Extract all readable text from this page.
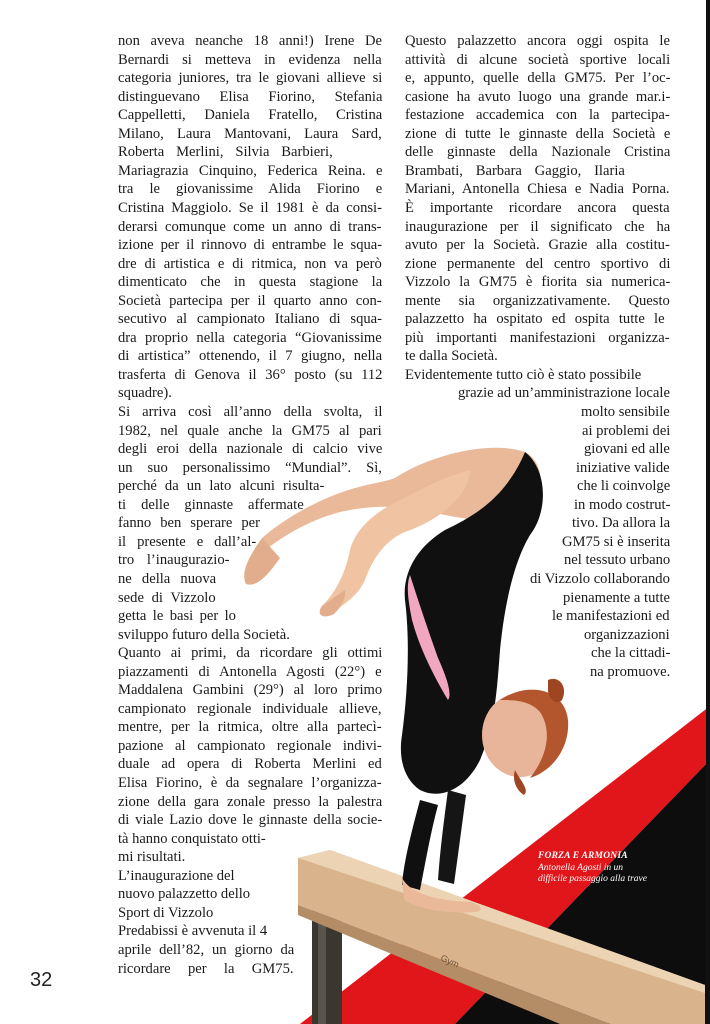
Gym
non aveva neanche 18 anni!) Irene De
Bernardi si metteva in evidenza nella
categoria juniores, tra le giovani allieve si
distinguevano Elisa Fiorino, Stefania
Cappelletti, Daniela Fratello, Cristina
Milano, Laura Mantovani, Laura Sard,
Roberta Merlini, Silvia Barbieri,
Mariagrazia Cinquino, Federica Reina. e
tra le giovanissime Alida Fiorino e
Cristina Maggiolo. Se il 1981 è da consi-
derarsi comunque come un anno di trans-
izione per il rinnovo di entrambe le squa-
dre di artistica e di ritmica, non va però
dimenticato che in questa stagione la
Società partecipa per il quarto anno con-
secutivo al campionato Italiano di squa-
dra proprio nella categoria “Giovanissime
di artistica” ottenendo, il 7 giugno, nella
trasferta di Genova il 36° posto (su 112
squadre).
Si arriva così all’anno della svolta, il
1982, nel quale anche la GM75 al pari
degli eroi della nazionale di calcio vive
un suo personalissimo “Mundial”. Sì,
perché da un lato alcuni risulta-
ti delle ginnaste affermate
fanno ben sperare per
il presente e dall’al-
tro l’inaugurazio-
ne della nuova
sede di Vizzolo
getta le basi per lo
sviluppo futuro della Società.
Quanto ai primi, da ricordare gli ottimi
piazzamenti di Antonella Agosti (22°) e
Maddalena Gambini (29°) al loro primo
campionato regionale individuale allieve,
mentre, per la ritmica, oltre alla partecì-
pazione al campionato regionale indivi-
duale ad opera di Roberta Merlini ed
Elisa Fiorino, è da segnalare l’organizza-
zione della gara zonale presso la palestra
di viale Lazio dove le ginnaste della socie-
tà hanno conquistato otti-
mi risultati.
L’inaugurazione del
nuovo palazzetto dello
Sport di Vizzolo
Predabissi è avvenuta il 4
aprile dell’82, un giorno da
ricordare per la GM75.
Questo palazzetto ancora oggi ospita le
attività di alcune società sportive locali
e, appunto, quelle della GM75. Per l’oc-
casione ha avuto luogo una grande mar.i-
festazione accademica con la partecipa-
zione di tutte le ginnaste della Società e
delle ginnaste della Nazionale Cristina
Brambati, Barbara Gaggio, Ilaria
Mariani, Antonella Chiesa e Nadia Porna.
È importante ricordare ancora questa
inaugurazione per il significato che ha
avuto per la Società. Grazie alla costitu-
zione permanente del centro sportivo di
Vizzolo la GM75 è fiorita sia numerica-
mente sia organizzativamente. Questo
palazzetto ha ospitato ed ospita tutte le
più importanti manifestazioni organizza-
te dalla Società.
Evidentemente tutto ciò è stato possibile
grazie ad un’amministrazione locale
molto sensibile
ai problemi dei
giovani ed alle
iniziative valide
che li coinvolge
in modo costrut-
tivo. Da allora la
GM75 si è inserita
nel tessuto urbano
di Vizzolo collaborando
pienamente a tutte
le manifestazioni ed
organizzazioni
che la cittadi-
na promuove.
FORZA E ARMONIA
Antonella Agosti in un
difficile passaggio alla trave
32
